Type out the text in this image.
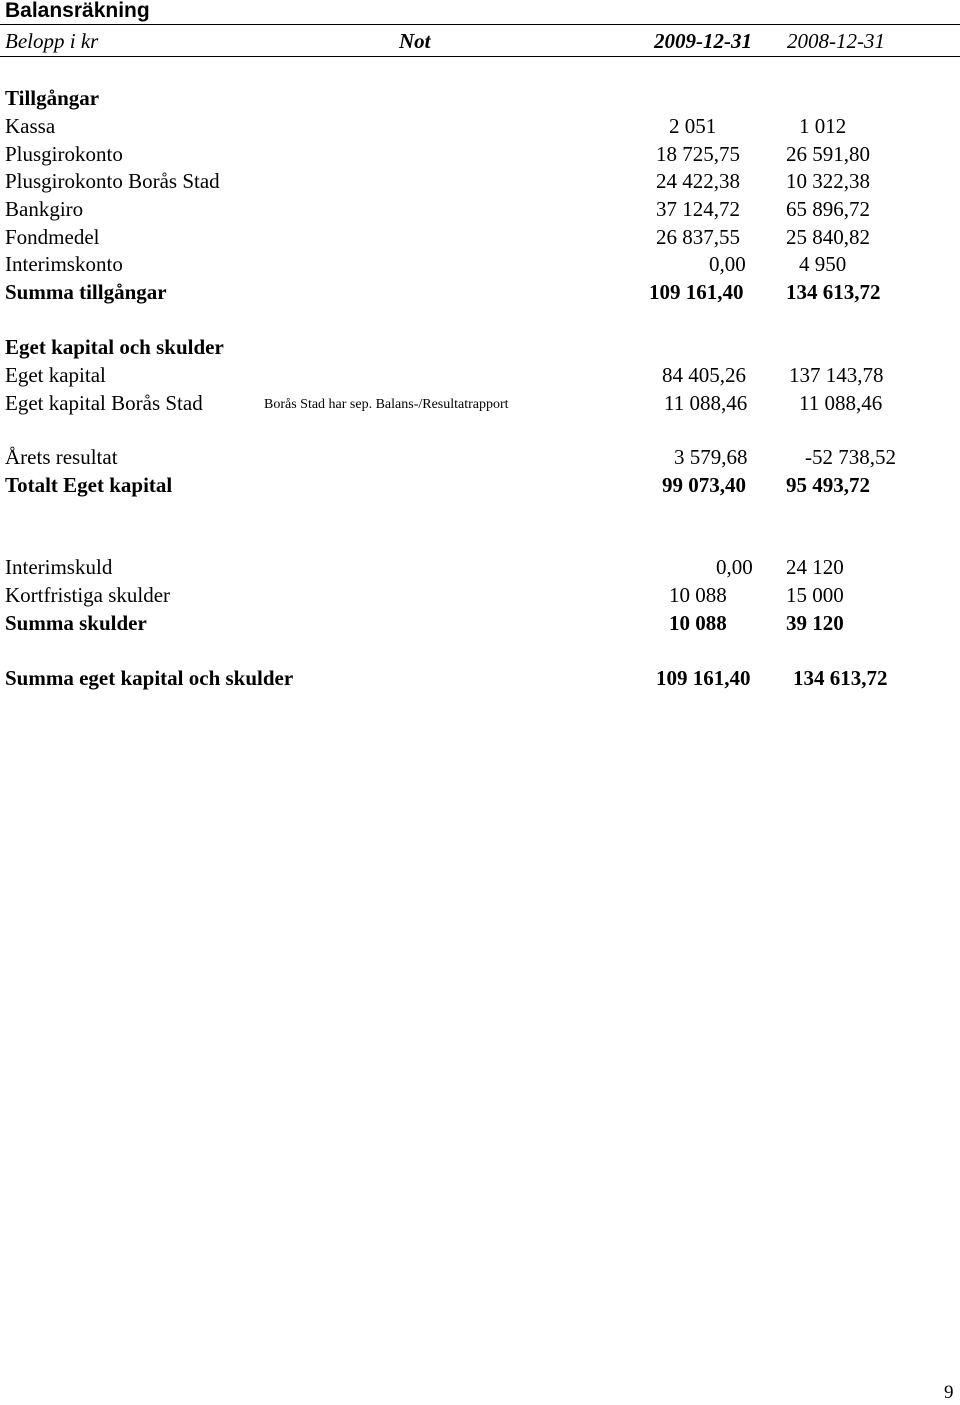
Balansräkning
Belopp i kr	Not	2009-12-31 2008-12-31
Tillgångar
Kassa	2 051	1 012
Plusgirokonto	18 725,75 26 591,80
Plusgirokonto Borås Stad	24 422,38 10 322,38
Bankgiro	37 124,72 65 896,72
Fondmedel	26 837,55 25 840,82
Interimskonto	0,00	4 950
Summa tillgångar	109 161,40 134 613,72
Eget kapital och skulder
Eget kapital	84 405,26 137 143,78
Eget kapital Borås Stad	Borås Stad har sep. Balans-/Resultatrapport	11 088,46 11 088,46
Årets resultat	3 579,68	-52 738,52
Totalt Eget kapital	99 073,40 95 493,72
Interimskuld	0,00 24 120
Kortfristiga skulder	10 088	15 000
Summa skulder	10 088	39 120
Summa eget kapital och skulder	109 161,40 134 613,72
9
